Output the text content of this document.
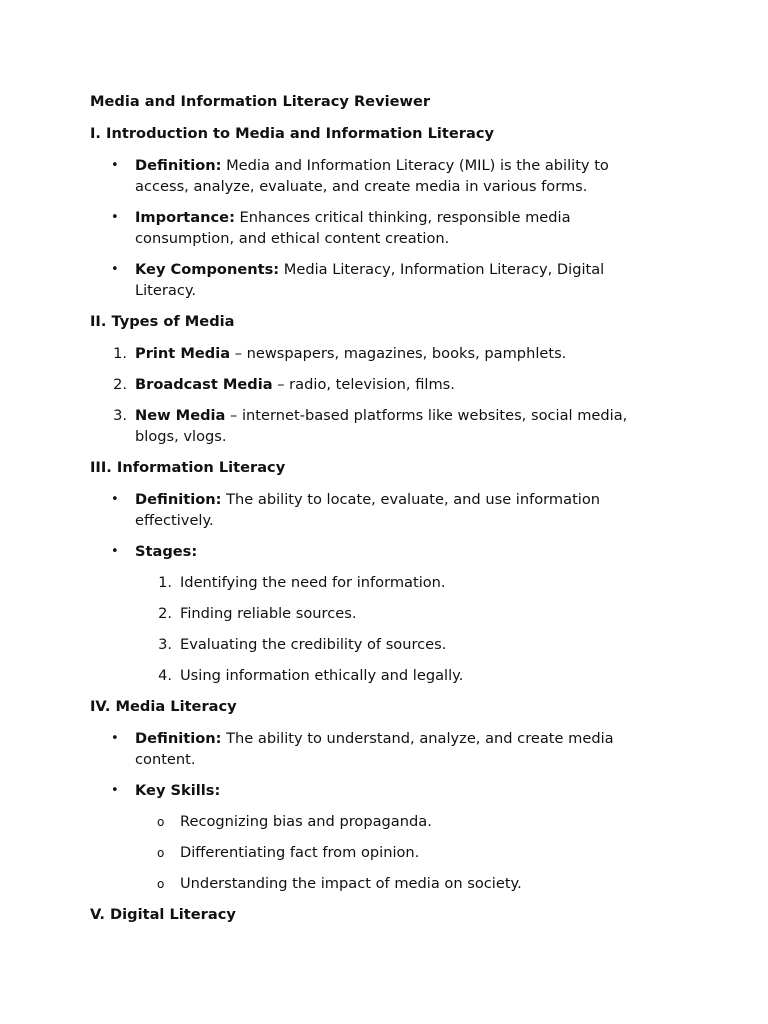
Media and Information Literacy Reviewer
I. Introduction to Media and Information Literacy
• Definition: Media and Information Literacy (MIL) is the ability to access, analyze, evaluate, and create media in various forms.
• Importance: Enhances critical thinking, responsible media consumption, and ethical content creation.
• Key Components: Media Literacy, Information Literacy, Digital Literacy.
II. Types of Media
1. Print Media – newspapers, magazines, books, pamphlets.
2. Broadcast Media – radio, television, films.
3. New Media – internet-based platforms like websites, social media, blogs, vlogs.
III. Information Literacy
• Definition: The ability to locate, evaluate, and use information effectively.
• Stages:
1. Identifying the need for information.
2. Finding reliable sources.
3. Evaluating the credibility of sources.
4. Using information ethically and legally.
IV. Media Literacy
• Definition: The ability to understand, analyze, and create media content.
• Key Skills:
o	Recognizing bias and propaganda.
o	Differentiating fact from opinion.
o	Understanding the impact of media on society.
V. Digital Literacy
